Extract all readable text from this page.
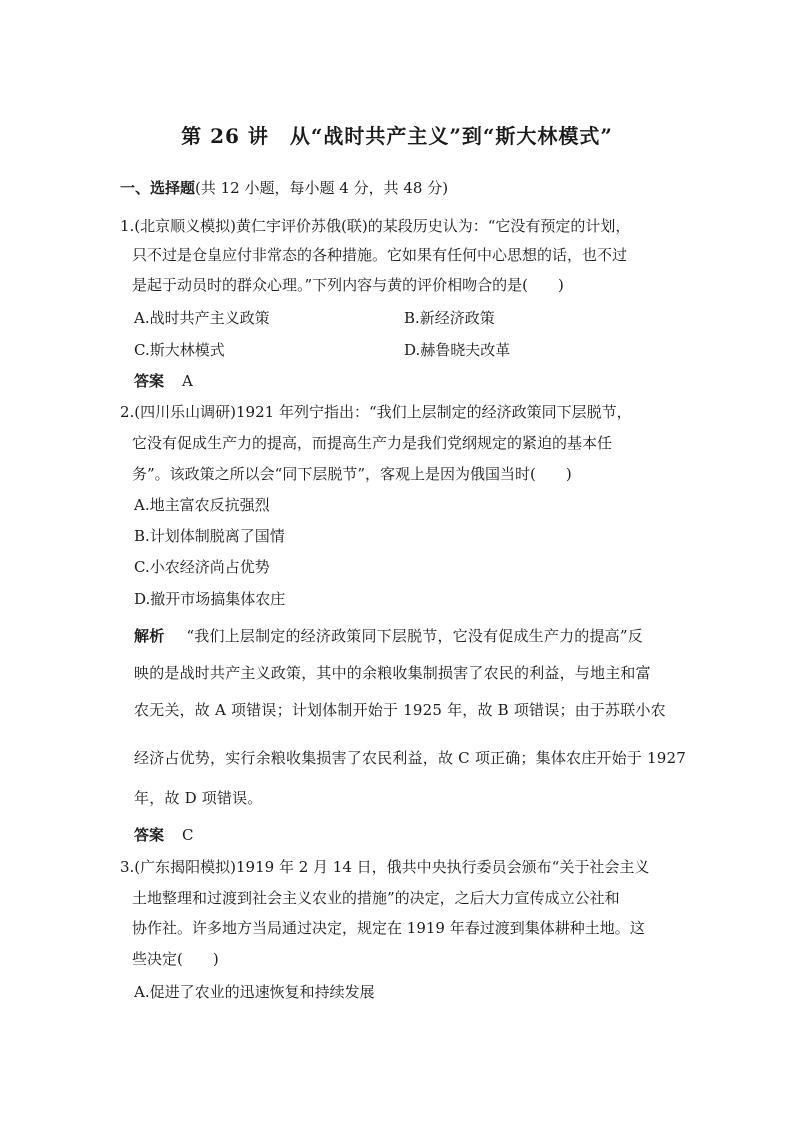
第 26 讲　从“战时共产主义”到“斯大林模式”
一、选择题(共 12 小题，每小题 4 分，共 48 分)
1.(北京顺义模拟)黄仁宇评价苏俄(联)的某段历史认为：“它没有预定的计划，
只不过是仓皇应付非常态的各种措施。它如果有任何中心思想的话，也不过
是起于动员时的群众心理。”下列内容与黄的评价相吻合的是(　　)
A.战时共产主义政策	B.新经济政策
C.斯大林模式	D.赫鲁晓夫改革
答案 A
2.(四川乐山调研)1921 年列宁指出：“我们上层制定的经济政策同下层脱节，
它没有促成生产力的提高，而提高生产力是我们党纲规定的紧迫的基本任
务”。该政策之所以会“同下层脱节”，客观上是因为俄国当时(　　)
A.地主富农反抗强烈
B.计划体制脱离了国情
C.小农经济尚占优势
D.撤开市场搞集体农庄
解析 “我们上层制定的经济政策同下层脱节，它没有促成生产力的提高”反
映的是战时共产主义政策，其中的余粮收集制损害了农民的利益，与地主和富
农无关，故 A 项错误；计划体制开始于 1925 年，故 B 项错误；由于苏联小农
经济占优势，实行余粮收集损害了农民利益，故 C 项正确；集体农庄开始于 1927
年，故 D 项错误。
答案 C
3.(广东揭阳模拟)1919 年 2 月 14 日，俄共中央执行委员会颁布“关于社会主义
土地整理和过渡到社会主义农业的措施”的决定，之后大力宣传成立公社和
协作社。许多地方当局通过决定，规定在 1919 年春过渡到集体耕种土地。这
些决定(　　)
A.促进了农业的迅速恢复和持续发展
